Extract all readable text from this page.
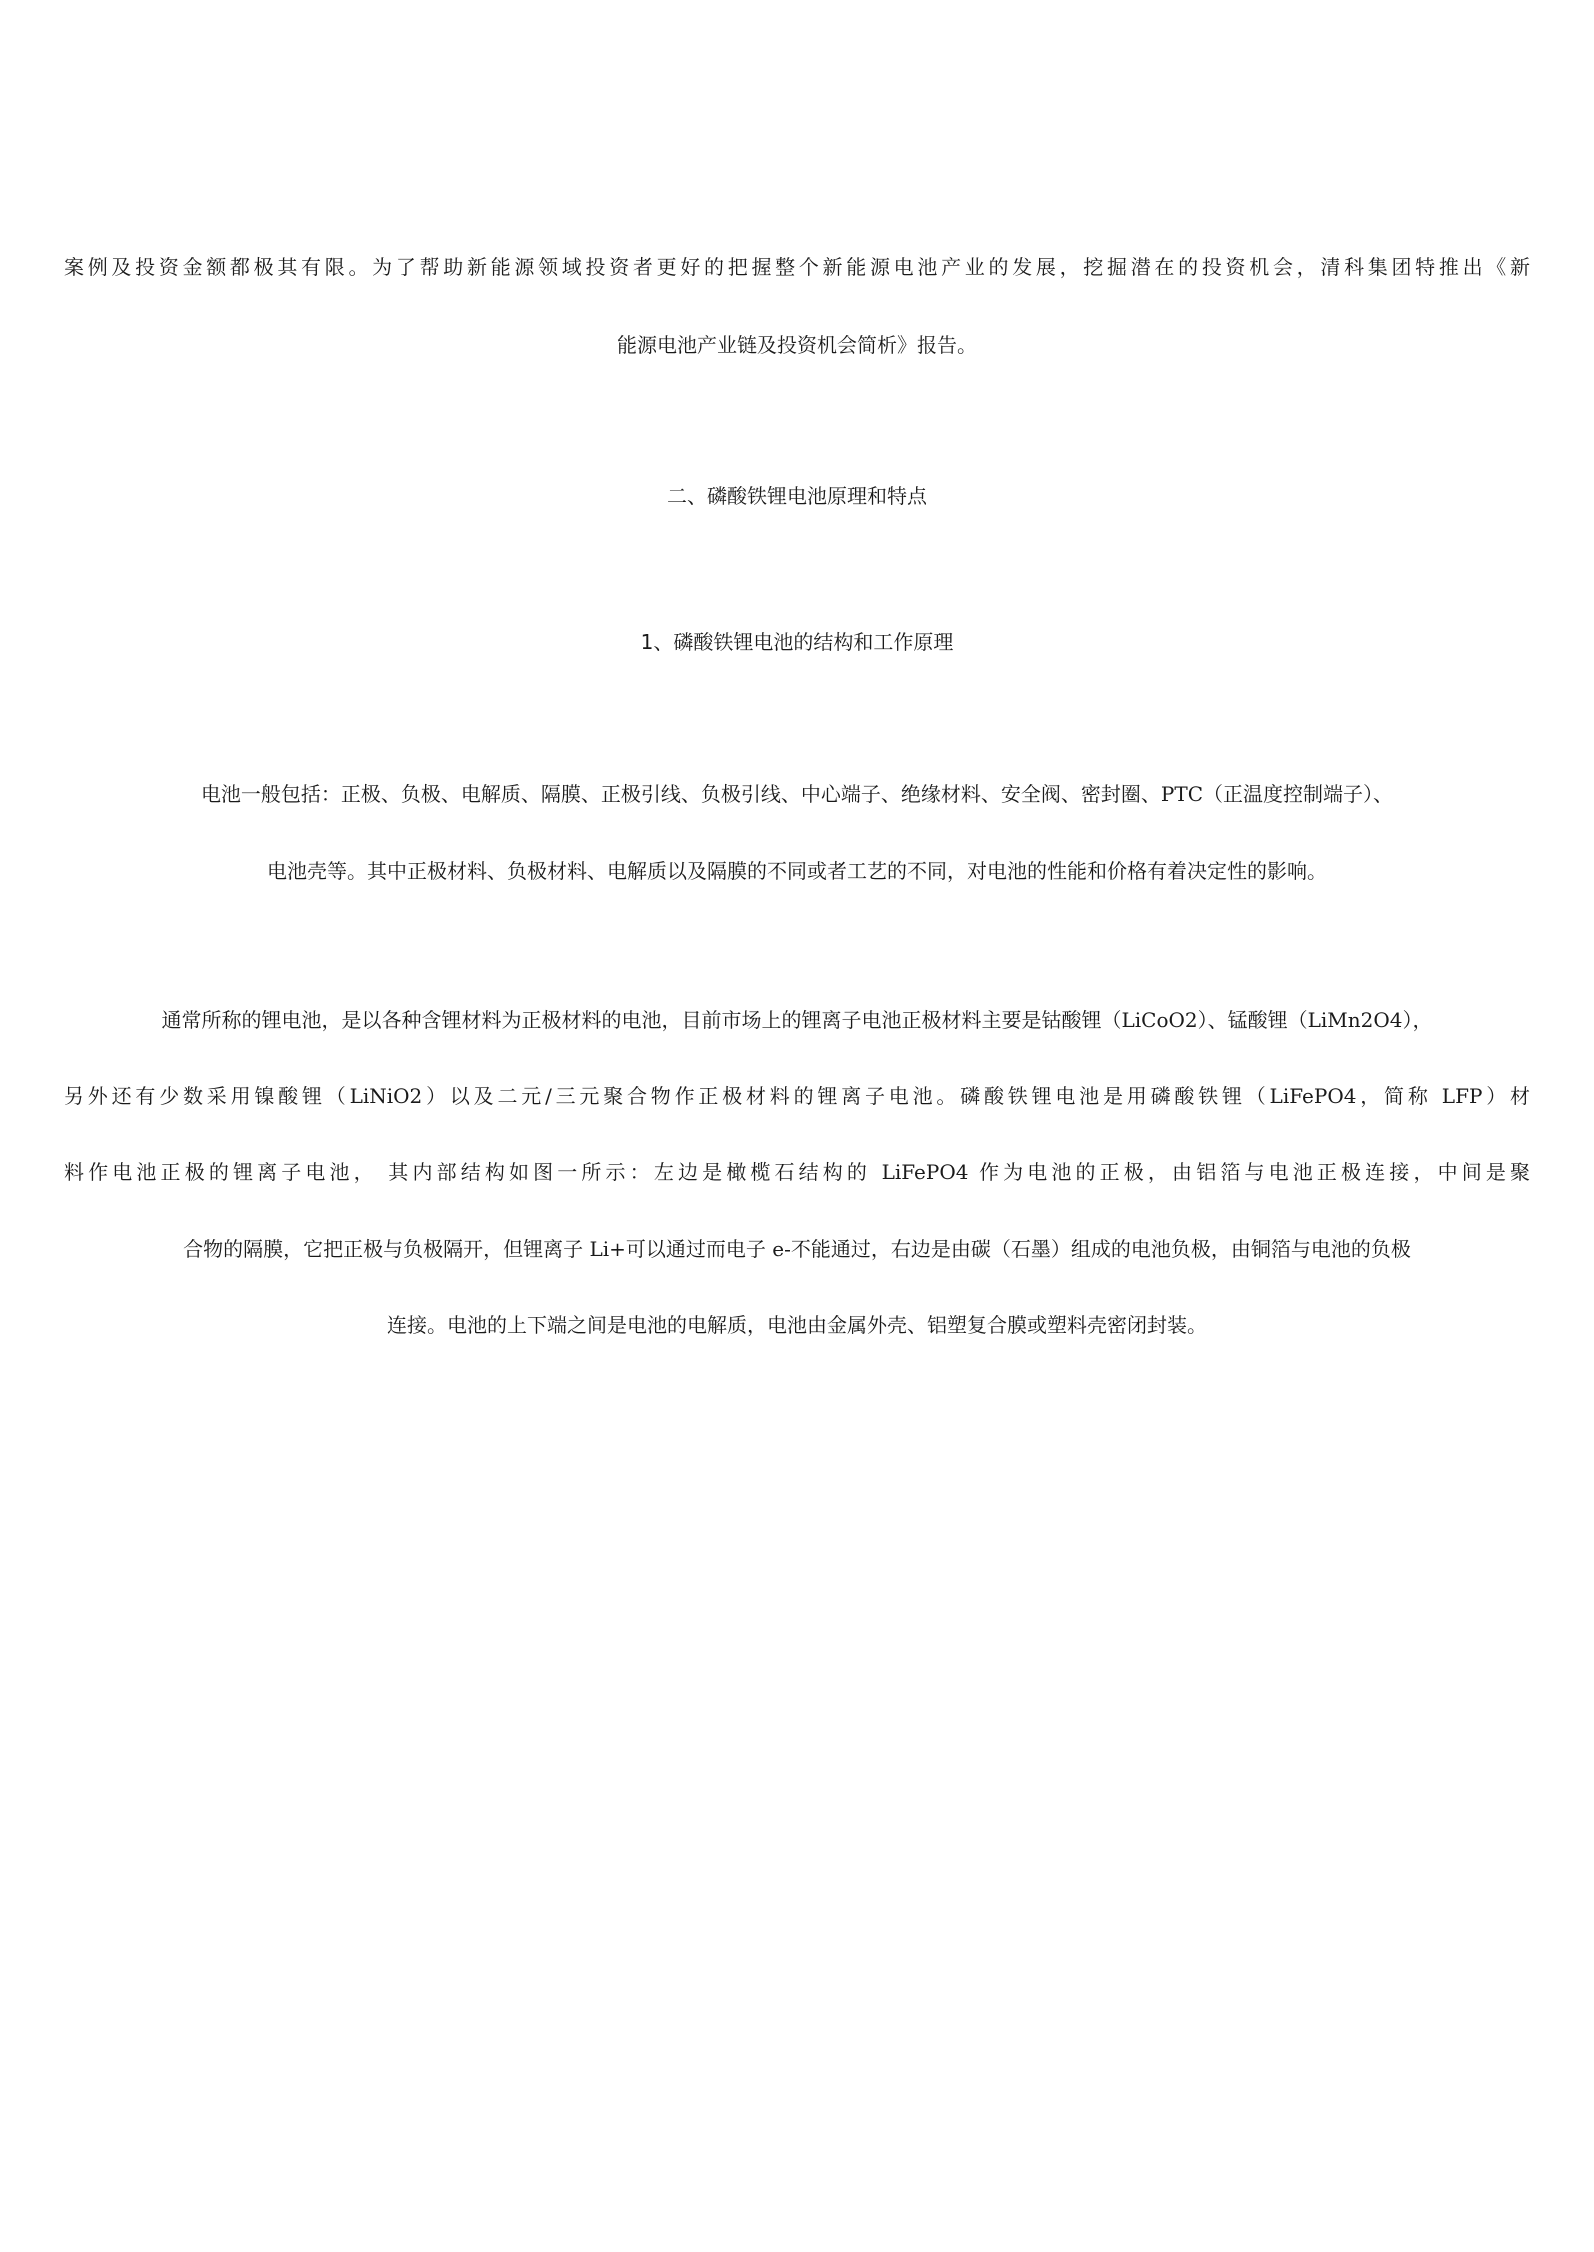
案例及投资金额都极其有限。为了帮助新能源领域投资者更好的把握整个新能源电池产业的发展，挖掘潜在的投资机会，清科集团特推出《新
能源电池产业链及投资机会简析》报告。
二、磷酸铁锂电池原理和特点
1、磷酸铁锂电池的结构和工作原理
电池一般包括：正极、负极、电解质、隔膜、正极引线、负极引线、中心端子、绝缘材料、安全阀、密封圈、PTC（正温度控制端子）、
电池壳等。其中正极材料、负极材料、电解质以及隔膜的不同或者工艺的不同，对电池的性能和价格有着决定性的影响。
通常所称的锂电池，是以各种含锂材料为正极材料的电池，目前市场上的锂离子电池正极材料主要是钴酸锂（LiCoO2）、锰酸锂（LiMn2O4），
另外还有少数采用镍酸锂（LiNiO2）以及二元/三元聚合物作正极材料的锂离子电池。磷酸铁锂电池是用磷酸铁锂（LiFePO4，简称 LFP）材
料作电池正极的锂离子电池， 其内部结构如图一所示：左边是橄榄石结构的 LiFePO4 作为电池的正极，由铝箔与电池正极连接，中间是聚
合物的隔膜，它把正极与负极隔开，但锂离子 Li+可以通过而电子 e-不能通过，右边是由碳（石墨）组成的电池负极，由铜箔与电池的负极
连接。电池的上下端之间是电池的电解质，电池由金属外壳、铝塑复合膜或塑料壳密闭封装。
